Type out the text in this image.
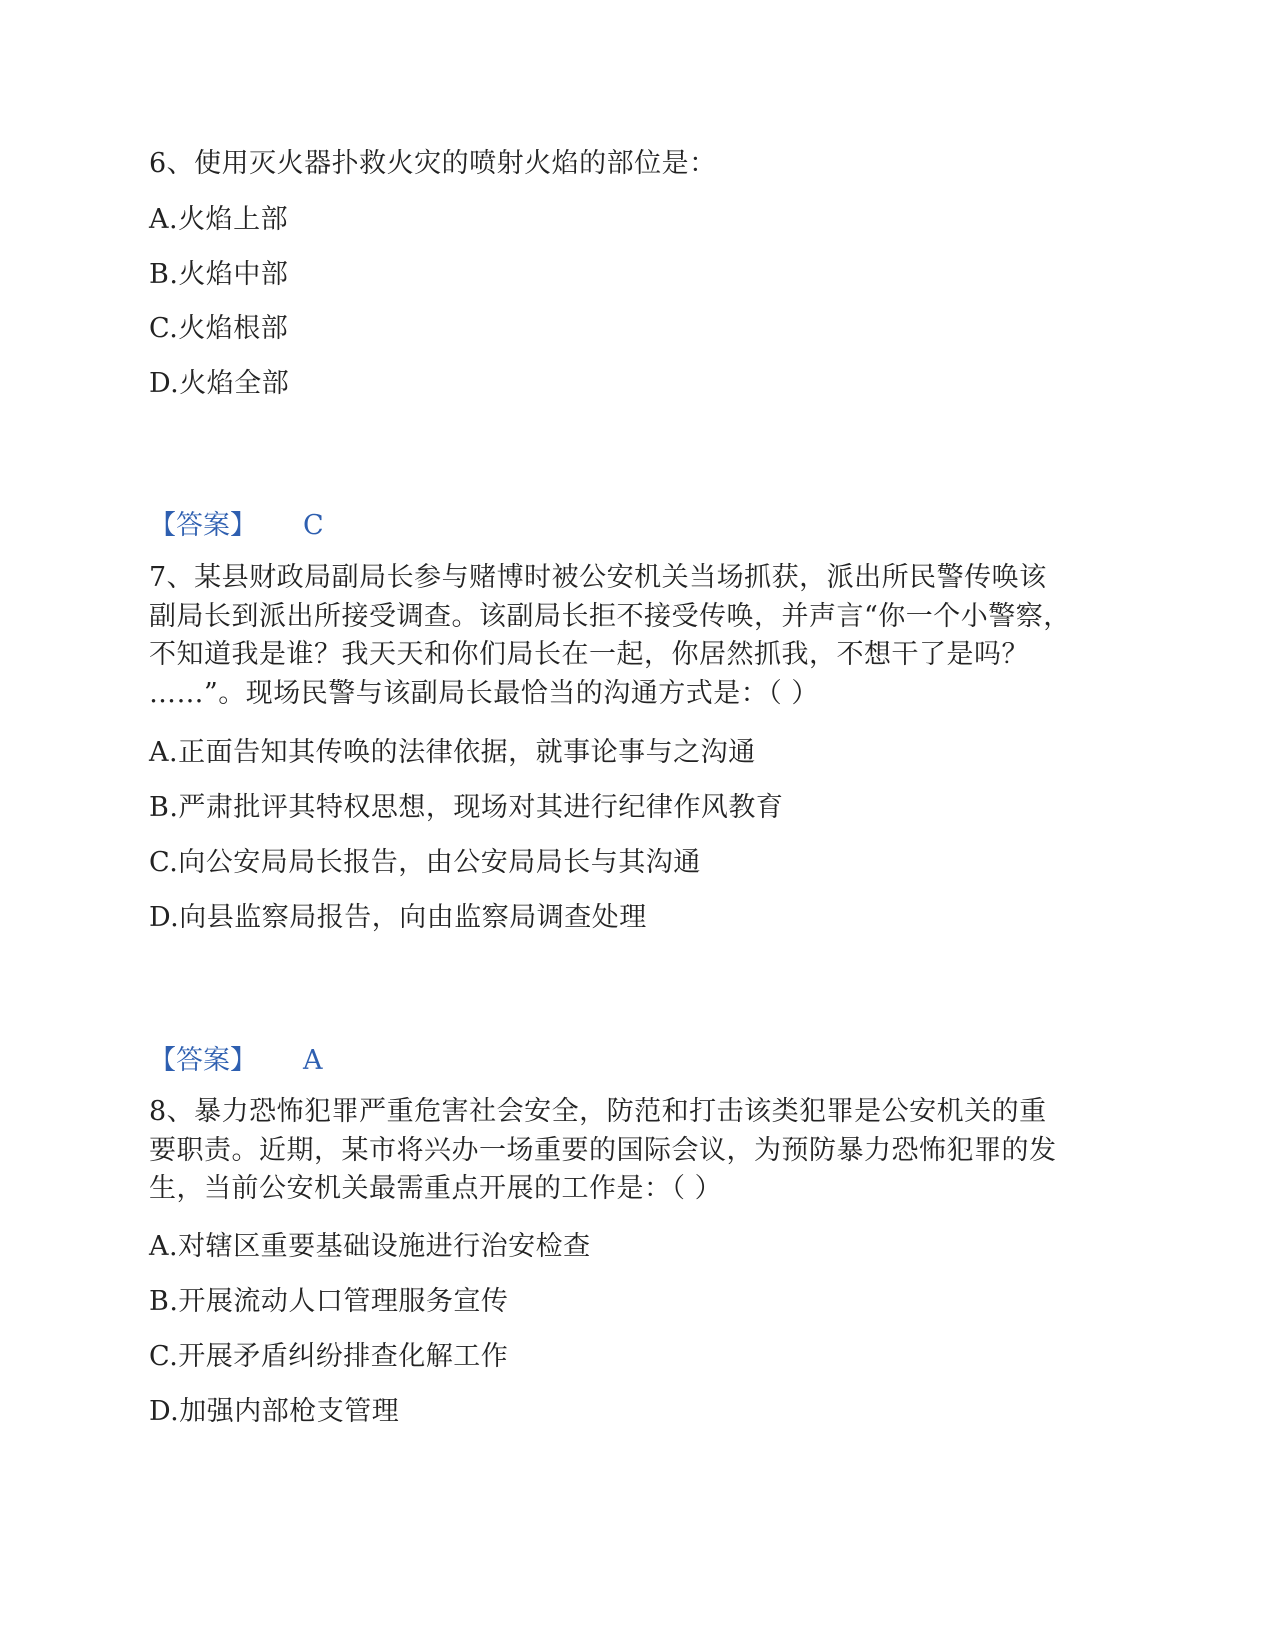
6、使用灭火器扑救火灾的喷射火焰的部位是：
A.火焰上部
B.火焰中部
C.火焰根部
D.火焰全部
【答案】 C
7、某县财政局副局长参与赌博时被公安机关当场抓获，派出所民警传唤该
副局长到派出所接受调查。该副局长拒不接受传唤，并声言“你一个小警察，
不知道我是谁？我天天和你们局长在一起，你居然抓我，不想干了是吗？
……”。现场民警与该副局长最恰当的沟通方式是：（ ）
A.正面告知其传唤的法律依据，就事论事与之沟通
B.严肃批评其特权思想，现场对其进行纪律作风教育
C.向公安局局长报告，由公安局局长与其沟通
D.向县监察局报告，向由监察局调查处理
【答案】 A
8、暴力恐怖犯罪严重危害社会安全，防范和打击该类犯罪是公安机关的重
要职责。近期，某市将兴办一场重要的国际会议，为预防暴力恐怖犯罪的发
生，当前公安机关最需重点开展的工作是：（ ）
A.对辖区重要基础设施进行治安检查
B.开展流动人口管理服务宣传
C.开展矛盾纠纷排查化解工作
D.加强内部枪支管理
